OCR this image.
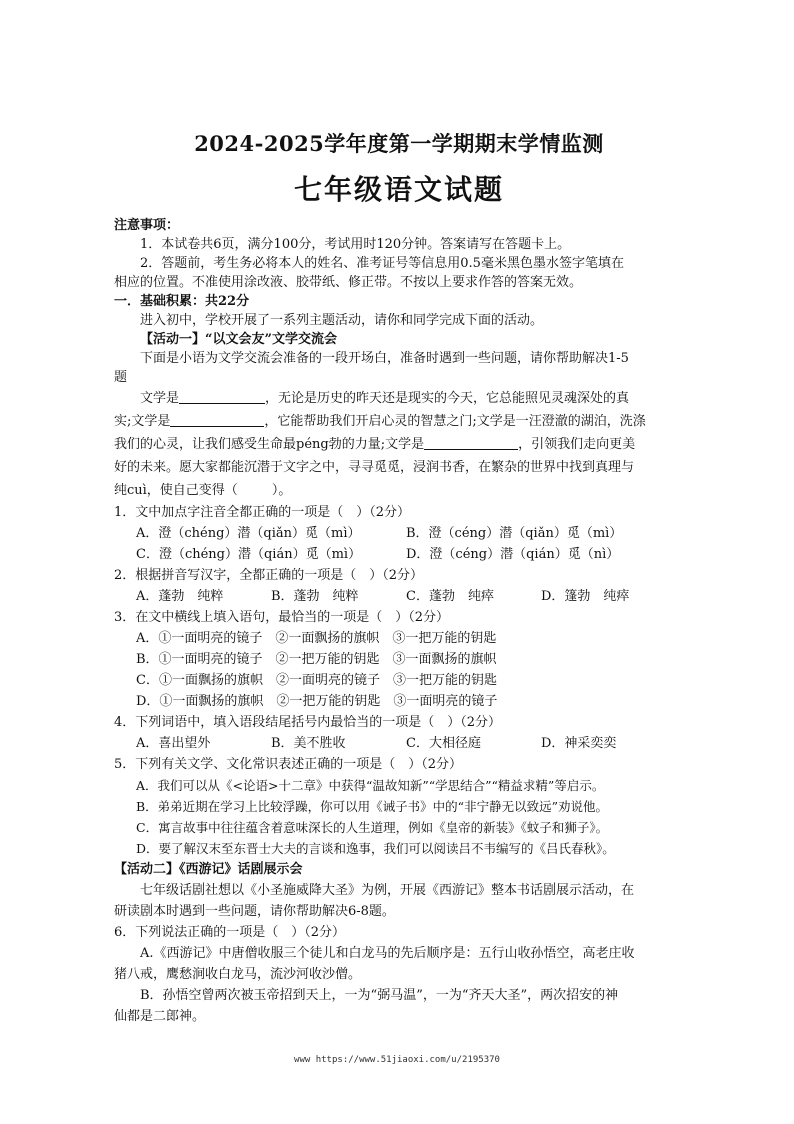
2024-2025学年度第一学期期末学情监测
七年级语文试题
注意事项：
1．本试卷共6页，满分100分，考试用时120分钟。答案请写在答题卡上。
2．答题前，考生务必将本人的姓名、准考证号等信息用0.5毫米黑色墨水签字笔填在
相应的位置。不准使用涂改液、胶带纸、修正带。不按以上要求作答的答案无效。
一．基础积累：共22分
进入初中，学校开展了一系列主题活动，请你和同学完成下面的活动。
【活动一】“以文会友”文学交流会
下面是小语为文学交流会准备的一段开场白，准备时遇到一些问题，请你帮助解决1-5
题
文学是	，无论是历史的昨天还是现实的今天，它总能照见灵魂深处的真
实;文学是	，它能帮助我们开启心灵的智慧之门;文学是一汪澄澈的湖泊，洗涤
我们的心灵，让我们感受生命最péng勃的力量;文学是	，引领我们走向更美
好的未来。愿大家都能沉潜于文字之中，寻寻觅觅，浸润书香，在繁杂的世界中找到真理与
纯cuì，使自己变得（	）。
1．文中加点字注音全都正确的一项是（　）（2分）
A．澄（chéng）潜（qiǎn）觅（mì）	B．澄（céng）潜（qiǎn）觅（mì）
C．澄（chéng）潜（qián）觅（mì）	D．澄（céng）潜（qián）觅（nì）
2．根据拼音写汉字，全都正确的一项是（　）（2分）
A．蓬勃　纯粹	B．蓬勃　纯粹	C．蓬勃　纯瘁	D．篷勃　纯瘁
3．在文中横线上填入语句，最恰当的一项是（　）（2分）
A．①一面明亮的镜子　②一面飘扬的旗帜　③一把万能的钥匙
B．①一面明亮的镜子　②一把万能的钥匙　③一面飘扬的旗帜
C．①一面飘扬的旗帜　②一面明亮的镜子　③一把万能的钥匙
D．①一面飘扬的旗帜　②一把万能的钥匙　③一面明亮的镜子
4．下列词语中，填入语段结尾括号内最恰当的一项是（　）（2分）
A．喜出望外	B．美不胜收	C．大相径庭	D．神采奕奕
5．下列有关文学、文化常识表述正确的一项是（　）（2分）
A．我们可以从《<论语>十二章》中获得“温故知新”“学思结合”“精益求精”等启示。
B．弟弟近期在学习上比较浮躁，你可以用《诫子书》中的“非宁静无以致远”劝说他。
C．寓言故事中往往蕴含着意味深长的人生道理，例如《皇帝的新装》《蚊子和狮子》。
D．要了解汉末至东晋士大夫的言谈和逸事，我们可以阅读吕不韦编写的《吕氏春秋》。
【活动二】《西游记》话剧展示会
七年级话剧社想以《小圣施威降大圣》为例，开展《西游记》整本书话剧展示活动，在
研读剧本时遇到一些问题，请你帮助解决6-8题。
6．下列说法正确的一项是（　）（2分）
A.《西游记》中唐僧收服三个徒儿和白龙马的先后顺序是：五行山收孙悟空，高老庄收
猪八戒，鹰愁涧收白龙马，流沙河收沙僧。
B．孙悟空曾两次被玉帝招到天上，一为“弼马温”，一为“齐天大圣”，两次招安的神
仙都是二郎神。
www https://www.51jiaoxi.com/u/2195370
